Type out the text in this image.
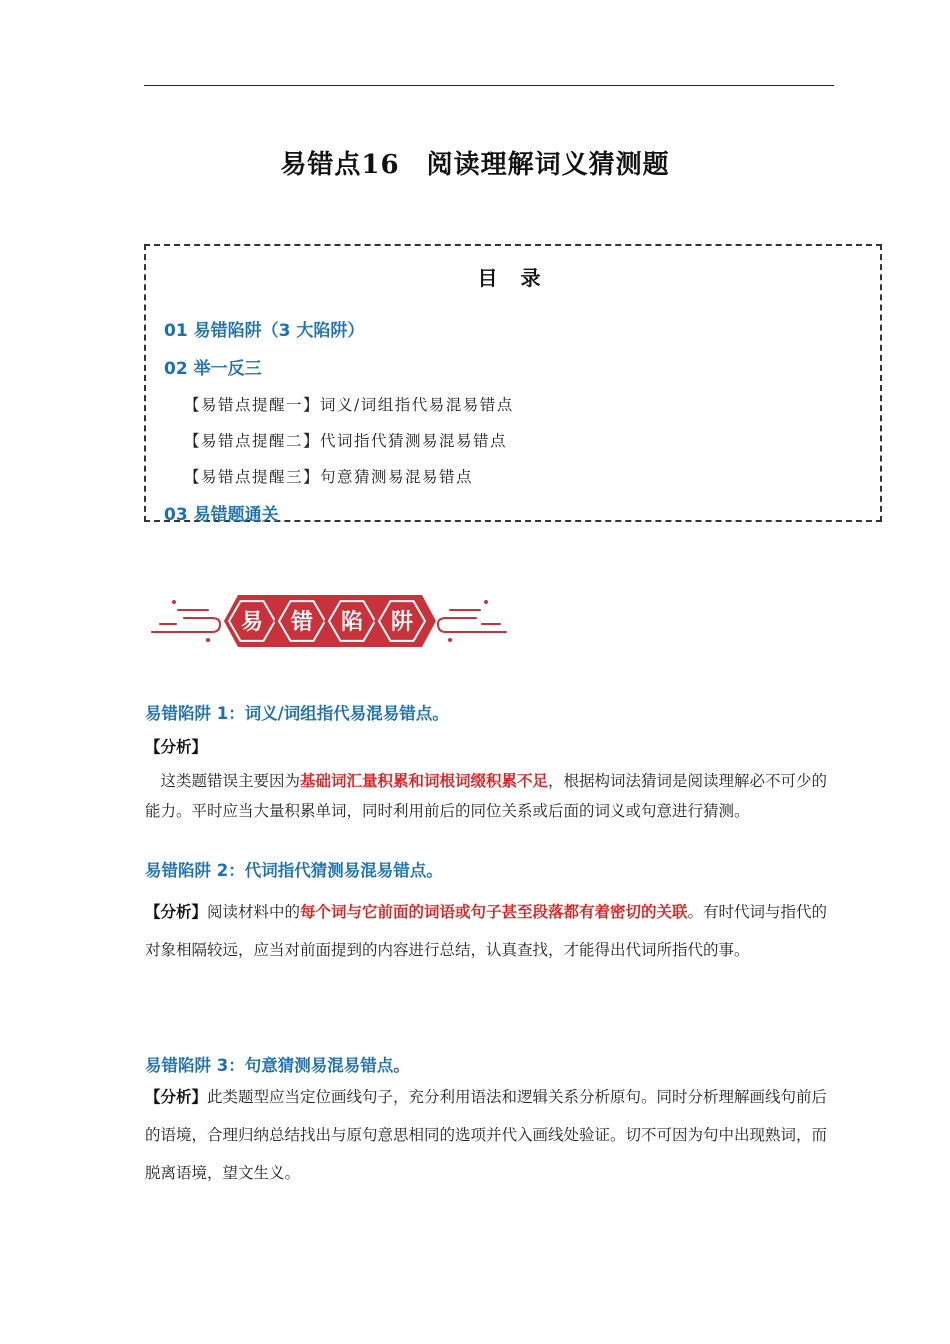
易错点16　阅读理解词义猜测题
目 录
01 易错陷阱（3 大陷阱）
02 举一反三
【易错点提醒一】词义/词组指代易混易错点
【易错点提醒二】代词指代猜测易混易错点
【易错点提醒三】句意猜测易混易错点
03 易错题通关
易 错 陷 阱
易错陷阱 1：词义/词组指代易混易错点。
【分析】
　这类题错误主要因为基础词汇量积累和词根词缀积累不足，根据构词法猜词是阅读理解必不可少的能力。平时应当大量积累单词，同时利用前后的同位关系或后面的词义或句意进行猜测。
易错陷阱 2：代词指代猜测易混易错点。
【分析】阅读材料中的每个词与它前面的词语或句子甚至段落都有着密切的关联。有时代词与指代的对象相隔较远，应当对前面提到的内容进行总结，认真查找，才能得出代词所指代的事。
易错陷阱 3：句意猜测易混易错点。
【分析】此类题型应当定位画线句子，充分利用语法和逻辑关系分析原句。同时分析理解画线句前后的语境，合理归纳总结找出与原句意思相同的选项并代入画线处验证。切不可因为句中出现熟词，而脱离语境，望文生义。
